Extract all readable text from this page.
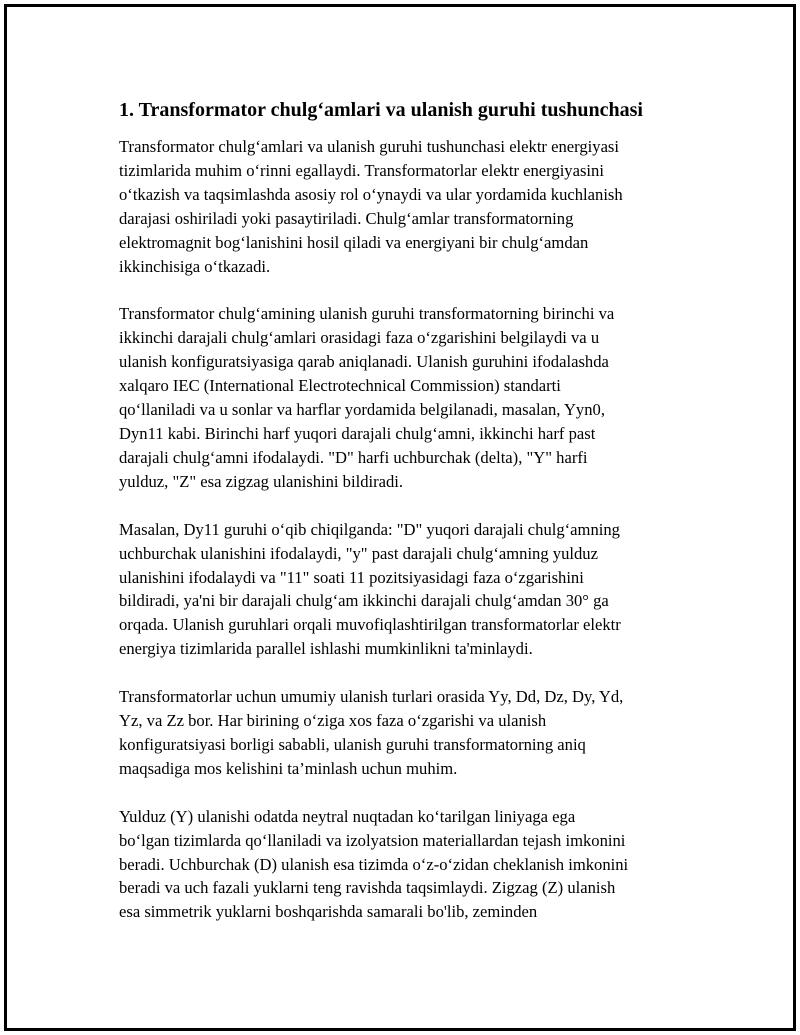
1. Transformator chulg‘amlari va ulanish guruhi tushunchasi

Transformator chulg‘amlari va ulanish guruhi tushunchasi elektr energiyasi
tizimlarida muhim o‘rinni egallaydi. Transformatorlar elektr energiyasini
o‘tkazish va taqsimlashda asosiy rol o‘ynaydi va ular yordamida kuchlanish
darajasi oshiriladi yoki pasaytiriladi. Chulg‘amlar transformatorning
elektromagnit bog‘lanishini hosil qiladi va energiyani bir chulg‘amdan
ikkinchisiga o‘tkazadi.

Transformator chulg‘amining ulanish guruhi transformatorning birinchi va
ikkinchi darajali chulg‘amlari orasidagi faza o‘zgarishini belgilaydi va u
ulanish konfiguratsiyasiga qarab aniqlanadi. Ulanish guruhini ifodalashda
xalqaro IEC (International Electrotechnical Commission) standarti
qo‘llaniladi va u sonlar va harflar yordamida belgilanadi, masalan, Yyn0,
Dyn11 kabi. Birinchi harf yuqori darajali chulg‘amni, ikkinchi harf past
darajali chulg‘amni ifodalaydi. "D" harfi uchburchak (delta), "Y" harfi
yulduz, "Z" esa zigzag ulanishini bildiradi.

Masalan, Dy11 guruhi o‘qib chiqilganda: "D" yuqori darajali chulg‘amning
uchburchak ulanishini ifodalaydi, "y" past darajali chulg‘amning yulduz
ulanishini ifodalaydi va "11" soati 11 pozitsiyasidagi faza o‘zgarishini
bildiradi, ya'ni bir darajali chulg‘am ikkinchi darajali chulg‘amdan 30° ga
orqada. Ulanish guruhlari orqali muvofiqlashtirilgan transformatorlar elektr
energiya tizimlarida parallel ishlashi mumkinlikni ta'minlaydi.

Transformatorlar uchun umumiy ulanish turlari orasida Yy, Dd, Dz, Dy, Yd,
Yz, va Zz bor. Har birining o‘ziga xos faza o‘zgarishi va ulanish
konfiguratsiyasi borligi sababli, ulanish guruhi transformatorning aniq
maqsadiga mos kelishini ta’minlash uchun muhim.

Yulduz (Y) ulanishi odatda neytral nuqtadan ko‘tarilgan liniyaga ega
bo‘lgan tizimlarda qo‘llaniladi va izolyatsion materiallardan tejash imkonini
beradi. Uchburchak (D) ulanish esa tizimda o‘z-o‘zidan cheklanish imkonini
beradi va uch fazali yuklarni teng ravishda taqsimlaydi. Zigzag (Z) ulanish
esa simmetrik yuklarni boshqarishda samarali bo'lib, zeminden
